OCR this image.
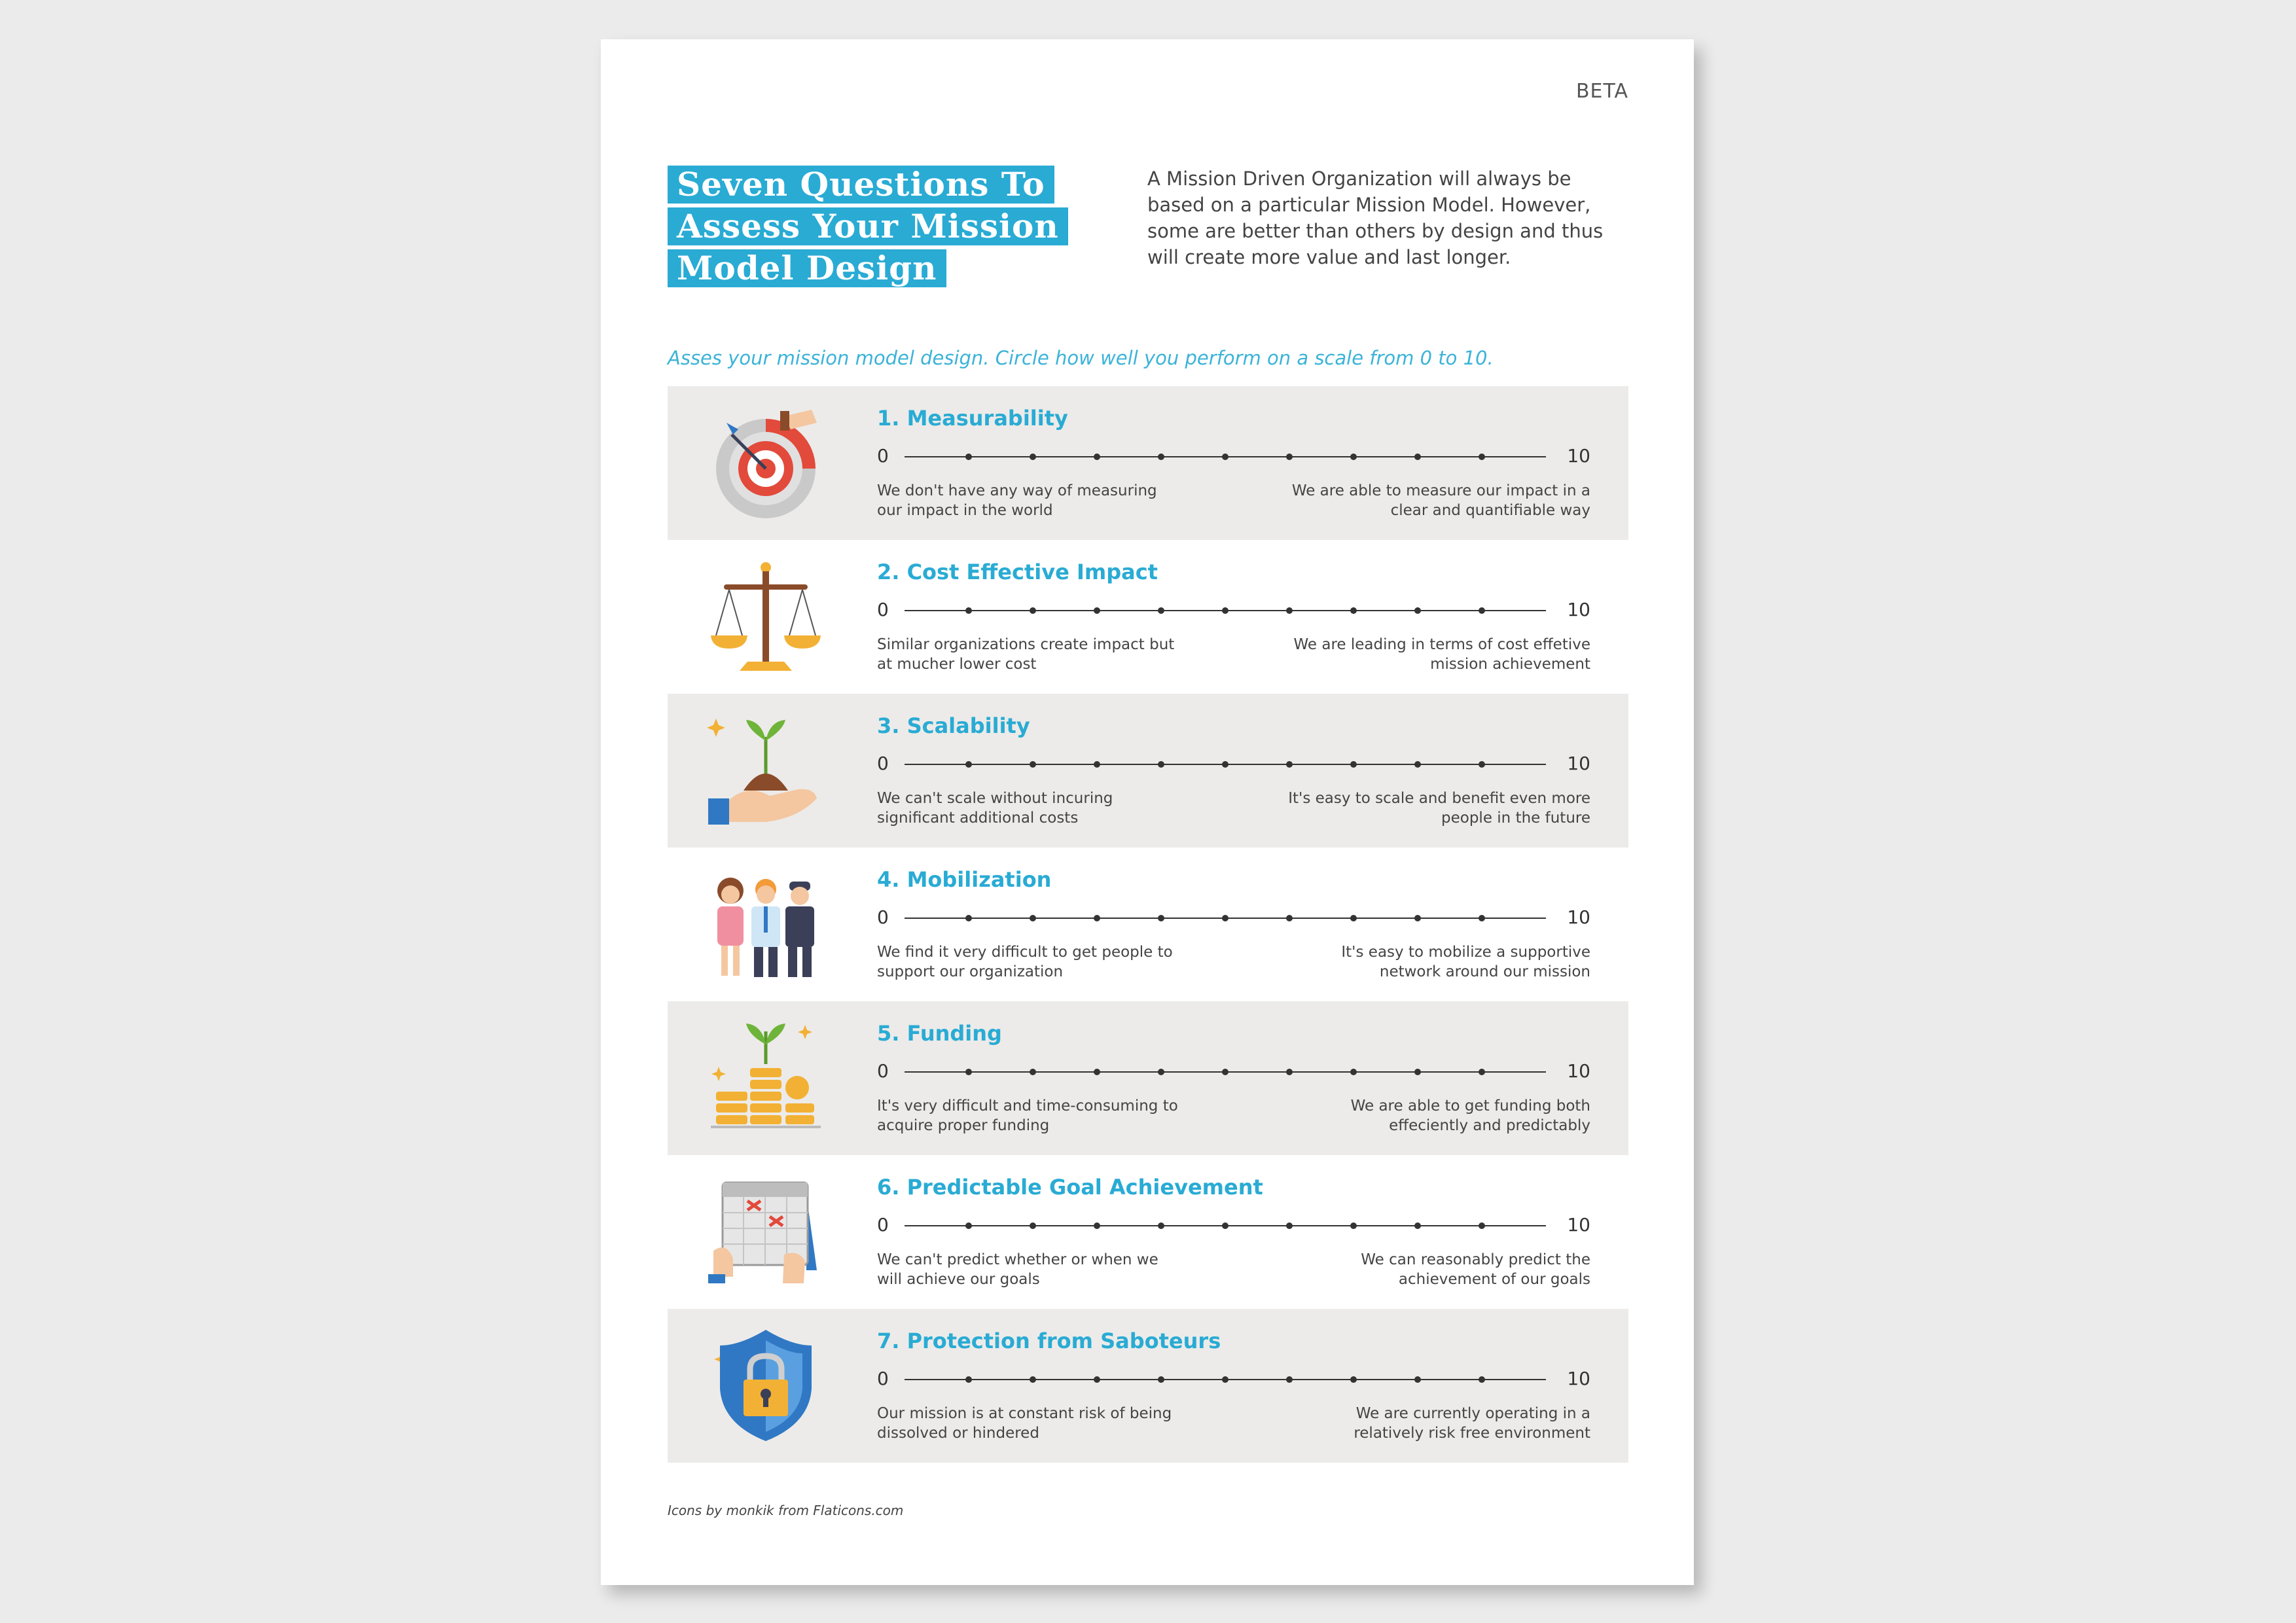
BETA
Seven Questions To
Assess Your Mission
Model Design
A Mission Driven Organization will always be based on a particular Mission Model. However, some are better than others by design and thus will create more value and last longer.
Asses your mission model design. Circle how well you perform on a scale from 0 to 10.
1. Measurability
0	10
We don't have any way of measuring our impact in the world
We are able to measure our impact in a clear and quantifiable way
2. Cost Effective Impact
0	10
Similar organizations create impact but at mucher lower cost
We are leading in terms of cost effetive mission achievement
3. Scalability
0	10
We can't scale without incuring significant additional costs
It's easy to scale and benefit even more people in the future
4. Mobilization
0	10
We find it very difficult to get people to support our organization
It's easy to mobilize a supportive network around our mission
5. Funding
0	10
It's very difficult and time-consuming to acquire proper funding
We are able to get funding both effeciently and predictably
6. Predictable Goal Achievement
0	10
We can't predict whether or when we will achieve our goals
We can reasonably predict the achievement of our goals
7. Protection from Saboteurs
0	10
Our mission is at constant risk of being dissolved or hindered
We are currently operating in a relatively risk free environment
Icons by monkik from Flaticons.com
